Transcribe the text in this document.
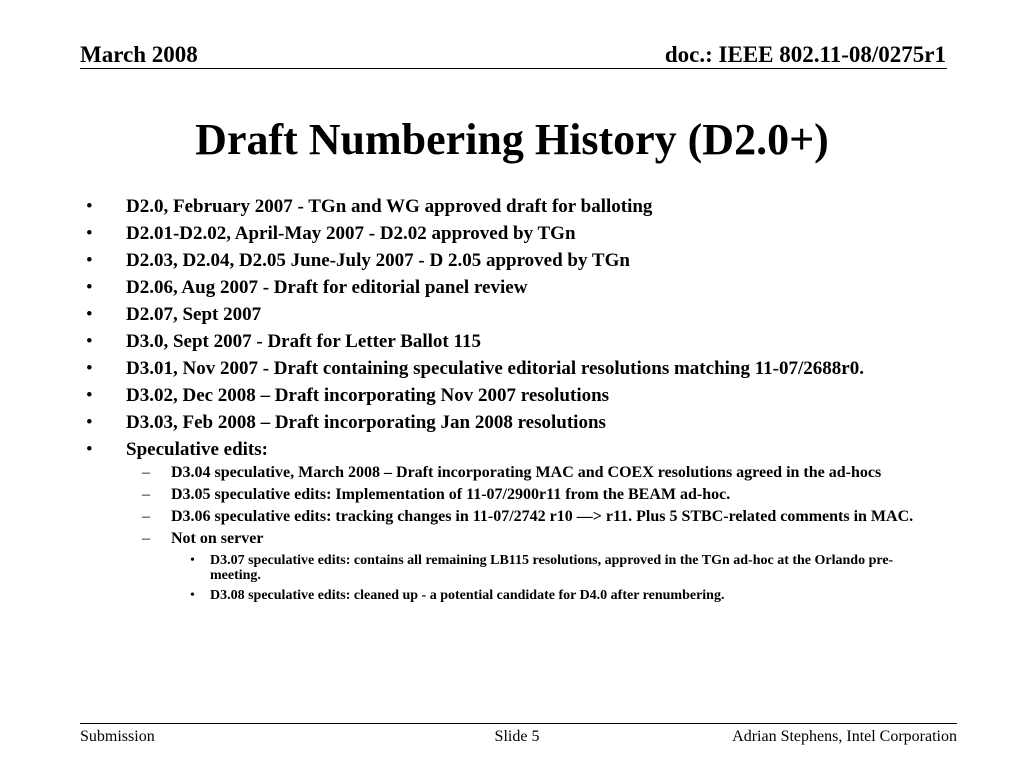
March 2008	doc.: IEEE 802.11-08/0275r1
Draft Numbering History (D2.0+)
•	D2.0, February 2007 - TGn and WG approved draft for balloting
•	D2.01-D2.02, April-May 2007 - D2.02 approved by TGn
•	D2.03, D2.04, D2.05 June-July 2007 - D 2.05 approved by TGn
•	D2.06, Aug 2007 - Draft for editorial panel review
•	D2.07, Sept 2007
•	D3.0, Sept 2007 - Draft for Letter Ballot 115
•	D3.01, Nov 2007 - Draft containing speculative editorial resolutions matching 11-07/2688r0.
•	D3.02, Dec 2008 – Draft incorporating Nov 2007 resolutions
•	D3.03, Feb 2008 – Draft incorporating Jan 2008 resolutions
•	Speculative edits:
– D3.04 speculative, March 2008 – Draft incorporating MAC and COEX resolutions agreed in the ad-hocs
– D3.05 speculative edits: Implementation of 11-07/2900r11 from the BEAM ad-hoc.
– D3.06 speculative edits: tracking changes in 11-07/2742 r10 —> r11. Plus 5 STBC-related comments in MAC.
– Not on server
• D3.07 speculative edits: contains all remaining LB115 resolutions, approved in the TGn ad-hoc at the Orlando pre-meeting.
• D3.08 speculative edits: cleaned up - a potential candidate for D4.0 after renumbering.
Submission	Slide 5	Adrian Stephens, Intel Corporation
